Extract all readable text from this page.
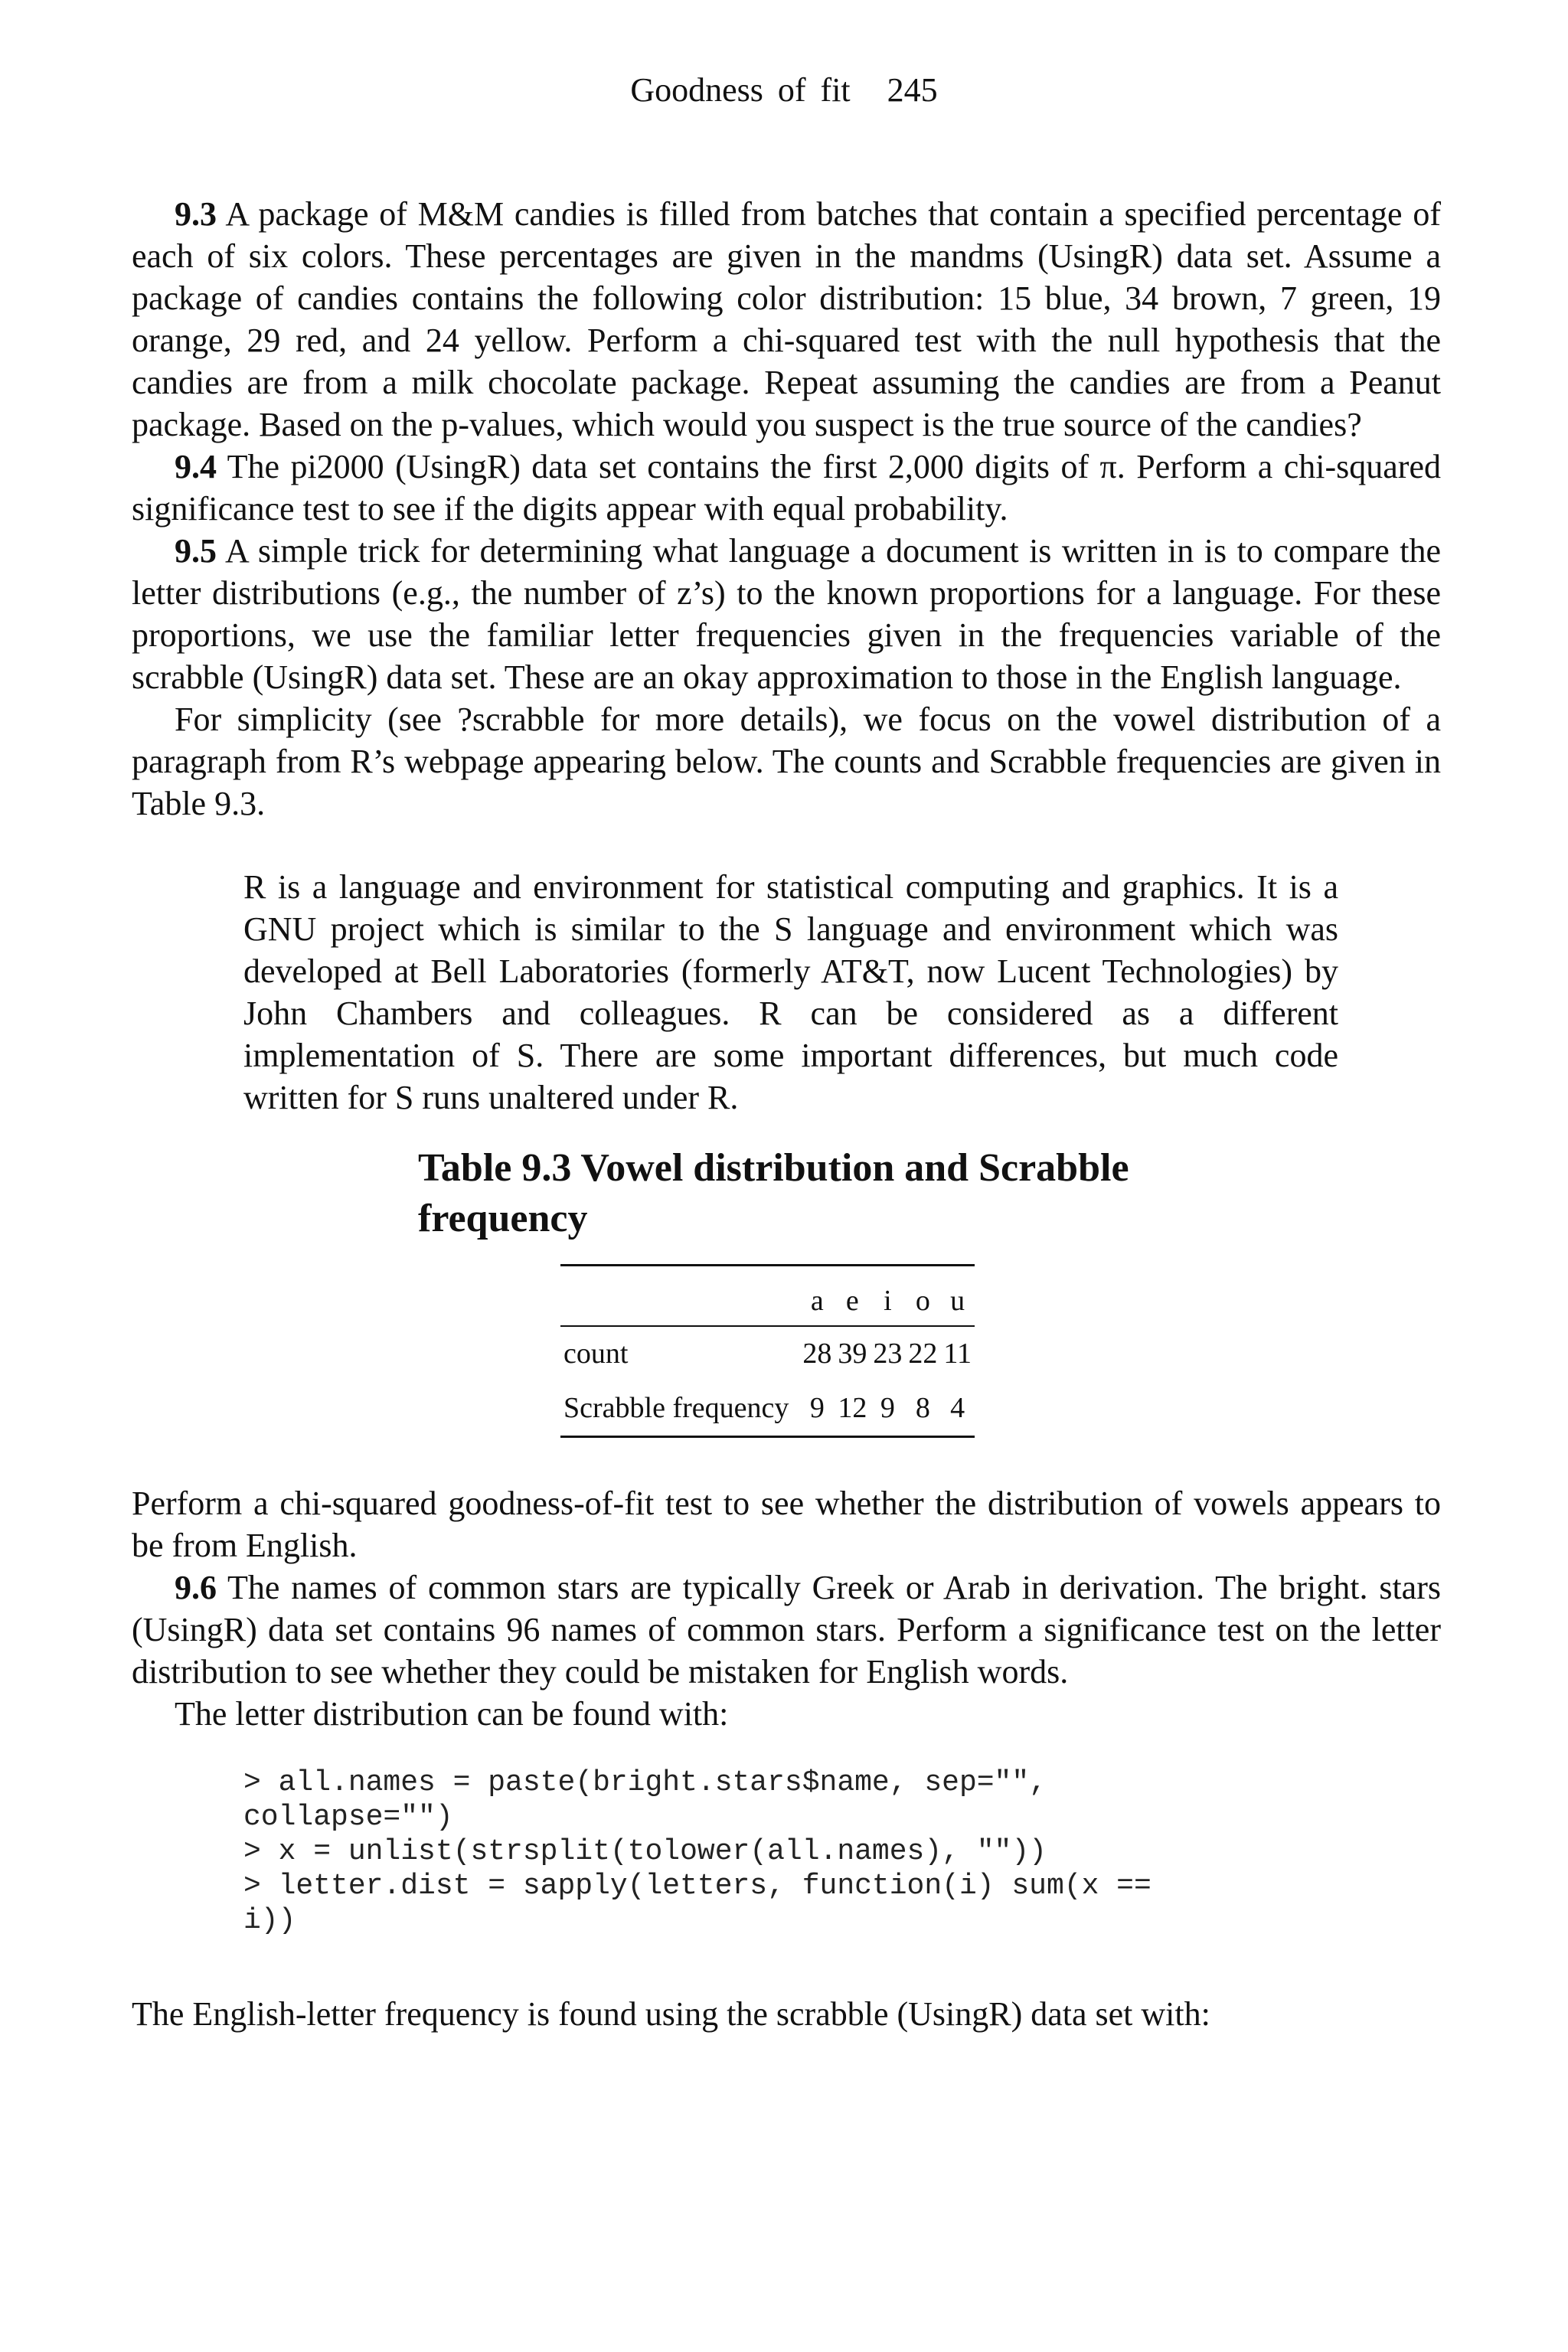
Goodness of fit 245

9.3 A package of M&M candies is filled from batches that contain a specified percentage of each of six colors. These percentages are given in the mandms (UsingR) data set. Assume a package of candies contains the following color distribution: 15 blue, 34 brown, 7 green, 19 orange, 29 red, and 24 yellow. Perform a chi-squared test with the null hypothesis that the candies are from a milk chocolate package. Repeat assuming the candies are from a Peanut package. Based on the p-values, which would you suspect is the true source of the candies?

9.4 The pi2000 (UsingR) data set contains the first 2,000 digits of π. Perform a chi-squared significance test to see if the digits appear with equal probability.

9.5 A simple trick for determining what language a document is written in is to compare the letter distributions (e.g., the number of z’s) to the known proportions for a language. For these proportions, we use the familiar letter frequencies given in the frequencies variable of the scrabble (UsingR) data set. These are an okay approximation to those in the English language.

For simplicity (see ?scrabble for more details), we focus on the vowel distribution of a paragraph from R’s webpage appearing below. The counts and Scrabble frequencies are given in Table 9.3.

R is a language and environment for statistical computing and graphics. It is a GNU project which is similar to the S language and environment which was developed at Bell Laboratories (formerly AT&T, now Lucent Technologies) by John Chambers and colleagues. R can be considered as a different implementation of S. There are some important differences, but much code written for S runs unaltered under R.
Table 9.3 Vowel distribution and Scrabble frequency
	a	e	i	o	u
count	28	39	23	22	11
Scrabble frequency	9	12	9	8	4

Perform a chi-squared goodness-of-fit test to see whether the distribution of vowels appears to be from English.

9.6 The names of common stars are typically Greek or Arab in derivation. The bright. stars (UsingR) data set contains 96 names of common stars. Perform a significance test on the letter distribution to see whether they could be mistaken for English words.

The letter distribution can be found with:

> all.names = paste(bright.stars$name, sep="",
collapse="")
> x = unlist(strsplit(tolower(all.names), ""))
> letter.dist = sapply(letters, function(i) sum(x ==
i))

The English-letter frequency is found using the scrabble (UsingR) data set with:
